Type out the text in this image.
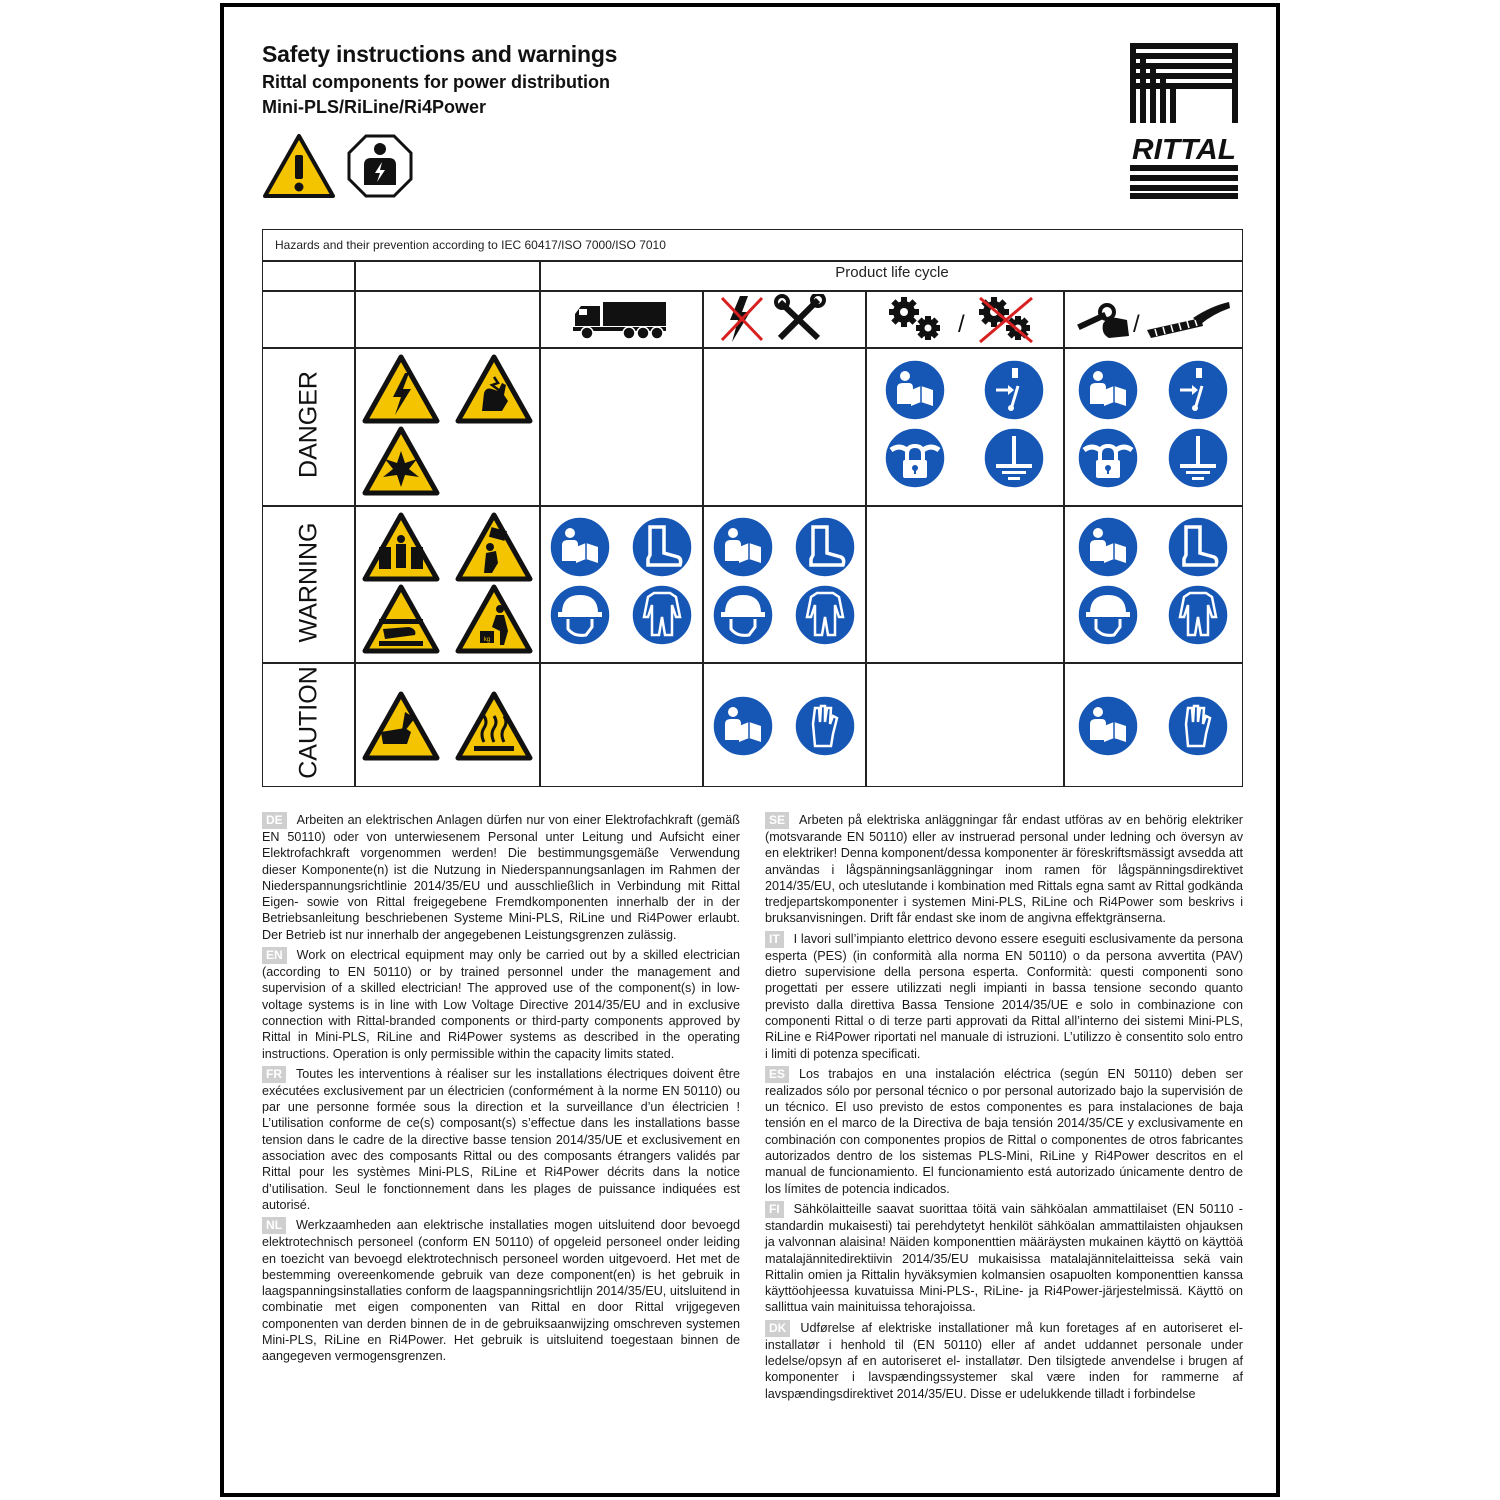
Safety instructions and warnings
Rittal components for power distribution
Mini-PLS/RiLine/Ri4Power
RITTAL
Hazards and their prevention according to IEC 60417/ISO 7000/ISO 7010
Product life cycle
/	/
DANGER
WARNING
CAUTION
kg

DE Arbeiten an elektrischen Anlagen dürfen nur von einer Elektrofachkraft (gemäß EN 50110) oder von unterwiesenem Personal unter Leitung und Aufsicht einer Elektrofachkraft vorgenommen werden! Die bestimmungsgemäße Verwendung dieser Komponente(n) ist die Nutzung in Niederspannungsanlagen im Rahmen der Niederspannungsrichtlinie 2014/35/EU und ausschließlich in Verbindung mit Rittal Eigen- sowie von Rittal freigegebene Fremdkomponenten innerhalb der in der Betriebsanleitung beschriebenen Systeme Mini-PLS, RiLine und Ri4Power erlaubt. Der Betrieb ist nur innerhalb der angegebenen Leistungsgrenzen zulässig.

EN Work on electrical equipment may only be carried out by a skilled electrician (according to EN 50110) or by trained personnel under the management and supervision of a skilled electrician! The approved use of the component(s) in low-voltage systems is in line with Low Voltage Directive 2014/35/EU and in exclusive connection with Rittal-branded components or third-party components approved by Rittal in Mini-PLS, RiLine and Ri4Power systems as described in the operating instructions. Operation is only permissible within the capacity limits stated.

FR Toutes les interventions à réaliser sur les installations électriques doivent être exécutées exclusivement par un électricien (conformément à la norme EN 50110) ou par une personne formée sous la direction et la surveillance d’un électricien ! L’utilisation conforme de ce(s) composant(s) s’effectue dans les installations basse tension dans le cadre de la directive basse tension 2014/35/UE et exclusivement en association avec des composants Rittal ou des composants étrangers validés par Rittal pour les systèmes Mini-PLS, RiLine et Ri4Power décrits dans la notice d’utilisation. Seul le fonctionnement dans les plages de puissance indiquées est autorisé.

NL Werkzaamheden aan elektrische installaties mogen uitsluitend door bevoegd elektrotechnisch personeel (conform EN 50110) of opgeleid personeel onder leiding en toezicht van bevoegd elektrotechnisch personeel worden uitgevoerd. Het met de bestemming overeenkomende gebruik van deze component(en) is het gebruik in laagspanningsinstallaties conform de laagspanningsrichtlijn 2014/35/EU, uitsluitend in combinatie met eigen componenten van Rittal en door Rittal vrijgegeven componenten van derden binnen de in de gebruiksaanwijzing omschreven systemen Mini-PLS, RiLine en Ri4Power. Het gebruik is uitsluitend toegestaan binnen de aangegeven vermogensgrenzen.

SE Arbeten på elektriska anläggningar får endast utföras av en behörig elektriker (motsvarande EN 50110) eller av instruerad personal under ledning och översyn av en elektriker! Denna komponent/dessa komponenter är föreskriftsmässigt avsedda att användas i lågspänningsanläggningar inom ramen för lågspänningsdirektivet 2014/35/EU, och uteslutande i kombination med Rittals egna samt av Rittal godkända tredjepartskomponenter i systemen Mini-PLS, RiLine och Ri4Power som beskrivs i bruksanvisningen. Drift får endast ske inom de angivna effektgränserna.

IT I lavori sull’impianto elettrico devono essere eseguiti esclusivamente da persona esperta (PES) (in conformità alla norma EN 50110) o da persona avvertita (PAV) dietro supervisione della persona esperta. Conformità: questi componenti sono progettati per essere utilizzati negli impianti in bassa tensione secondo quanto previsto dalla direttiva Bassa Tensione 2014/35/UE e solo in combinazione con componenti Rittal o di terze parti approvati da Rittal all’interno dei sistemi Mini-PLS, RiLine e Ri4Power riportati nel manuale di istruzioni. L’utilizzo è consentito solo entro i limiti di potenza specificati.

ES Los trabajos en una instalación eléctrica (según EN 50110) deben ser realizados sólo por personal técnico o por personal autorizado bajo la supervisión de un técnico. El uso previsto de estos componentes es para instalaciones de baja tensión en el marco de la Directiva de baja tensión 2014/35/CE y exclusivamente en combinación con componentes propios de Rittal o componentes de otros fabricantes autorizados dentro de los sistemas PLS-Mini, RiLine y Ri4Power descritos en el manual de funcionamiento. El funcionamiento está autorizado únicamente dentro de los límites de potencia indicados.

FI Sähkölaitteille saavat suorittaa töitä vain sähköalan ammattilaiset (EN 50110 -standardin mukaisesti) tai perehdytetyt henkilöt sähköalan ammattilaisten ohjauksen ja valvonnan alaisina! Näiden komponenttien määräysten mukainen käyttö on käyttöä matalajännitedirektiivin 2014/35/EU mukaisissa matalajännitelaitteissa sekä vain Rittalin omien ja Rittalin hyväksymien kolmansien osapuolten komponenttien kanssa käyttöohjeessa kuvatuissa Mini-PLS-, RiLine- ja Ri4Power-järjestelmissä. Käyttö on sallittua vain mainituissa tehorajoissa.

DK Udførelse af elektriske installationer må kun foretages af en autoriseret el-installatør i henhold til (EN 50110) eller af andet uddannet personale under ledelse/opsyn af en autoriseret el- installatør. Den tilsigtede anvendelse i brugen af komponenter i lavspændingssystemer skal være inden for rammerne af lavspændingsdirektivet 2014/35/EU. Disse er udelukkende tilladt i forbindelse
